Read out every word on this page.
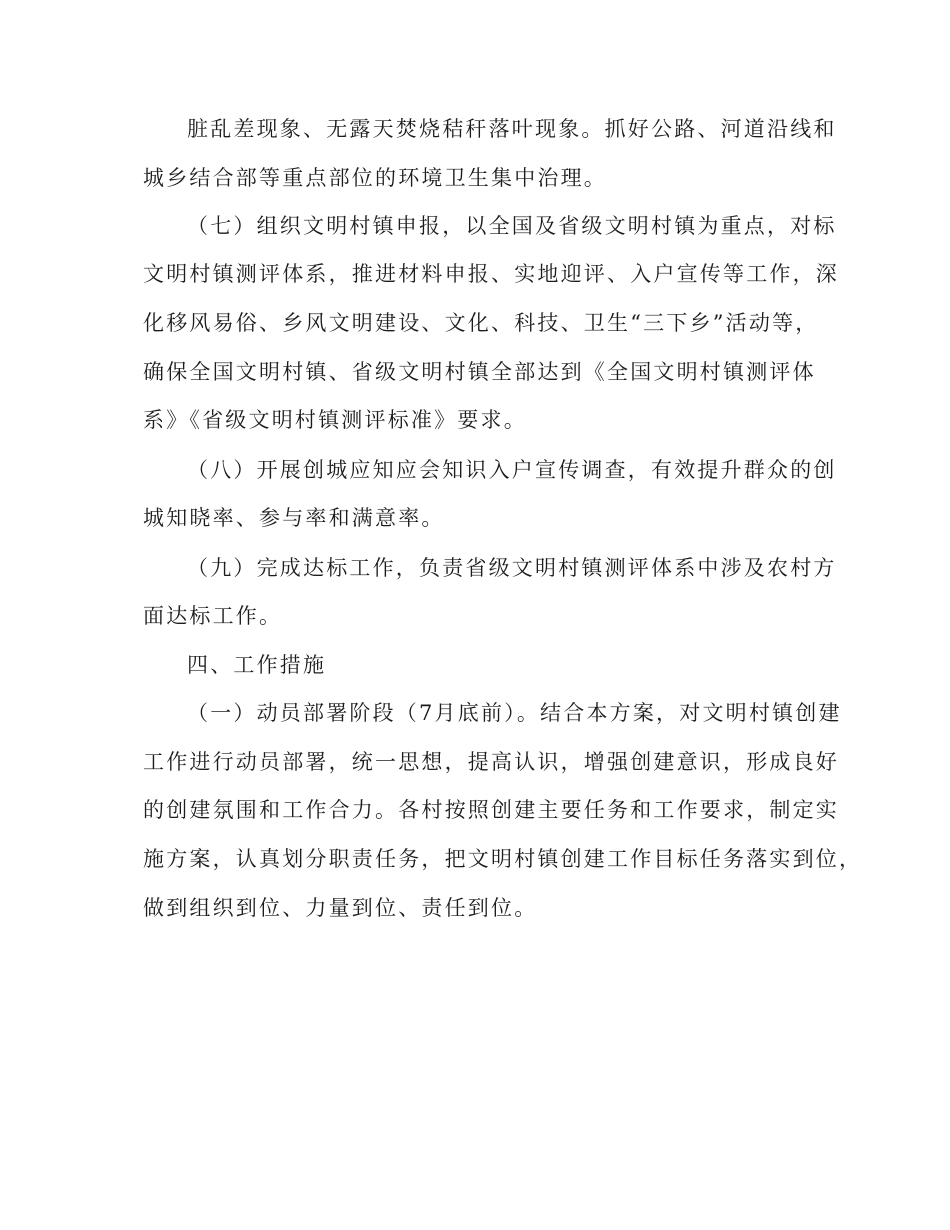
脏乱差现象、无露天焚烧秸秆落叶现象。抓好公路、河道沿线和
城乡结合部等重点部位的环境卫生集中治理。
（七）组织文明村镇申报，以全国及省级文明村镇为重点，对标
文明村镇测评体系，推进材料申报、实地迎评、入户宣传等工作，深
化移风易俗、乡风文明建设、文化、科技、卫生“三下乡”活动等，
确保全国文明村镇、省级文明村镇全部达到《全国文明村镇测评体
系》《省级文明村镇测评标准》要求。
（八）开展创城应知应会知识入户宣传调查，有效提升群众的创
城知晓率、参与率和满意率。
（九）完成达标工作，负责省级文明村镇测评体系中涉及农村方
面达标工作。
四、工作措施
（一）动员部署阶段（7月底前）。结合本方案，对文明村镇创建
工作进行动员部署，统一思想，提高认识，增强创建意识，形成良好
的创建氛围和工作合力。各村按照创建主要任务和工作要求，制定实
施方案，认真划分职责任务，把文明村镇创建工作目标任务落实到位，
做到组织到位、力量到位、责任到位。
